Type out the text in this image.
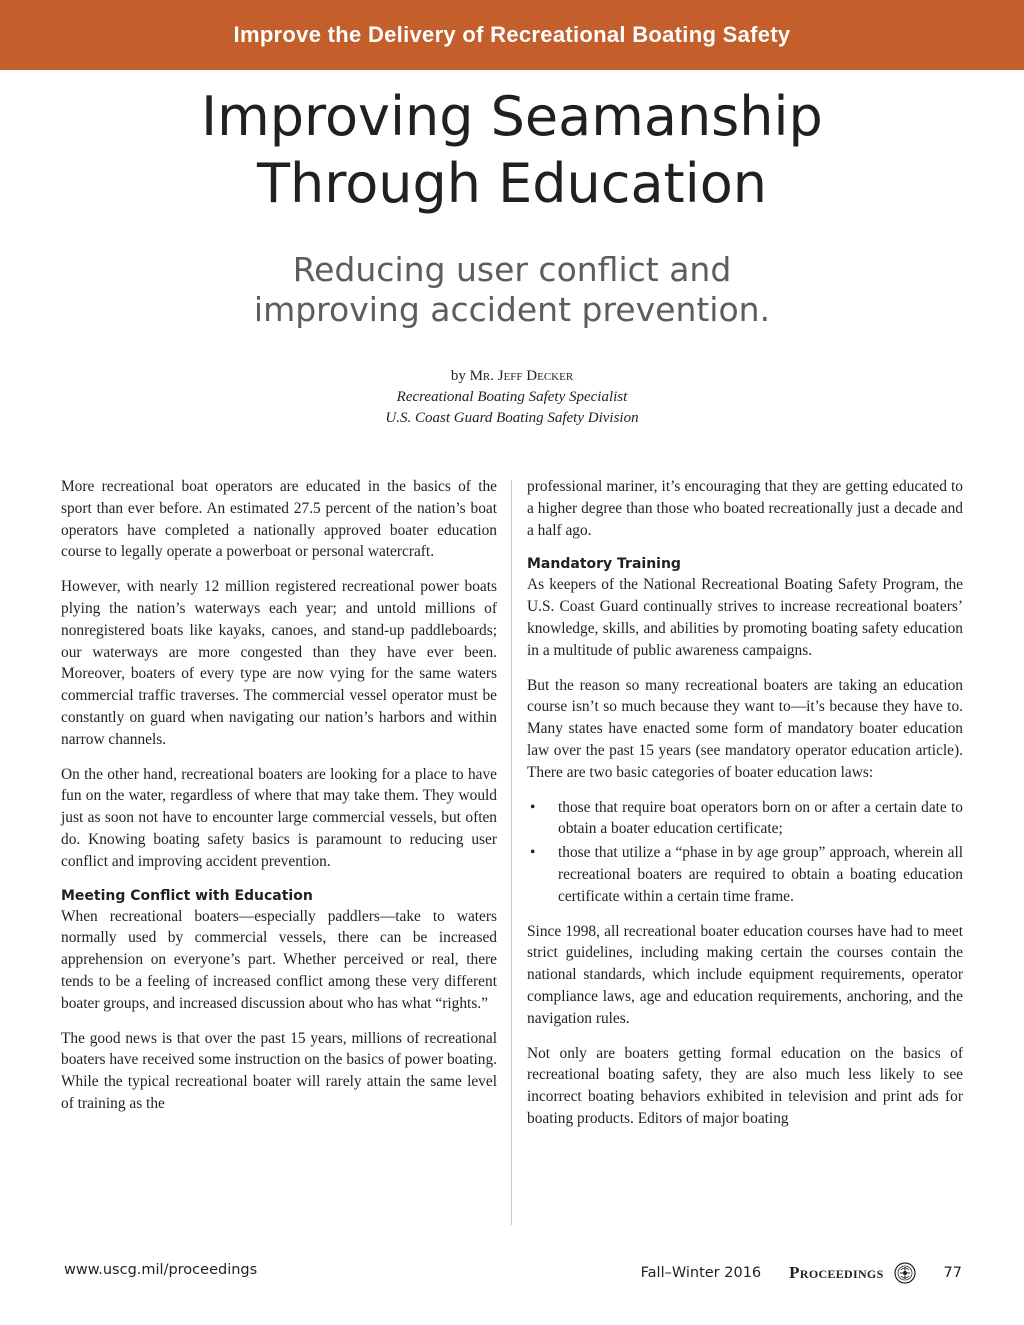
Improve the Delivery of Recreational Boating Safety
Improving Seamanship
Through Education
Reducing user conflict and
improving accident prevention.
by Mr. Jeff Decker
Recreational Boating Safety Specialist
U.S. Coast Guard Boating Safety Division

More recreational boat operators are educated in the basics of the sport than ever before. An estimated 27.5 percent of the nation’s boat operators have completed a nationally approved boater education course to legally operate a powerboat or personal watercraft.

However, with nearly 12 million registered recreational power boats plying the nation’s waterways each year; and untold millions of nonregistered boats like kayaks, canoes, and stand-up paddleboards; our waterways are more congested than they have ever been. Moreover, boaters of every type are now vying for the same waters commercial traffic traverses. The commercial vessel operator must be constantly on guard when navigating our nation’s harbors and within narrow channels.

On the other hand, recreational boaters are looking for a place to have fun on the water, regardless of where that may take them. They would just as soon not have to encounter large commercial vessels, but often do. Knowing boating safety basics is paramount to reducing user conflict and improving accident prevention.

Meeting Conflict with Education

When recreational boaters—especially paddlers—take to waters normally used by commercial vessels, there can be increased apprehension on everyone’s part. Whether perceived or real, there tends to be a feeling of increased conflict among these very different boater groups, and increased discussion about who has what “rights.”

The good news is that over the past 15 years, millions of recreational boaters have received some instruction on the basics of power boating. While the typical recreational boater will rarely attain the same level of training as the

professional mariner, it’s encouraging that they are getting educated to a higher degree than those who boated recreationally just a decade and a half ago.

Mandatory Training

As keepers of the National Recreational Boating Safety Program, the U.S. Coast Guard continually strives to increase recreational boaters’ knowledge, skills, and abilities by promoting boating safety education in a multitude of public awareness campaigns.

But the reason so many recreational boaters are taking an education course isn’t so much because they want to—it’s because they have to. Many states have enacted some form of mandatory boater education law over the past 15 years (see mandatory operator education article). There are two basic categories of boater education laws:

• those that require boat operators born on or after a certain date to obtain a boater education certificate;
• those that utilize a “phase in by age group” approach, wherein all recreational boaters are required to obtain a boating education certificate within a certain time frame.

Since 1998, all recreational boater education courses have had to meet strict guidelines, including making certain the courses contain the national standards, which include equipment requirements, operator compliance laws, age and education requirements, anchoring, and the navigation rules.

Not only are boaters getting formal education on the basics of recreational boating safety, they are also much less likely to see incorrect boating behaviors exhibited in television and print ads for boating products. Editors of major boating

www.uscg.mil/proceedings	Fall–Winter 2016 Proceedings	77
